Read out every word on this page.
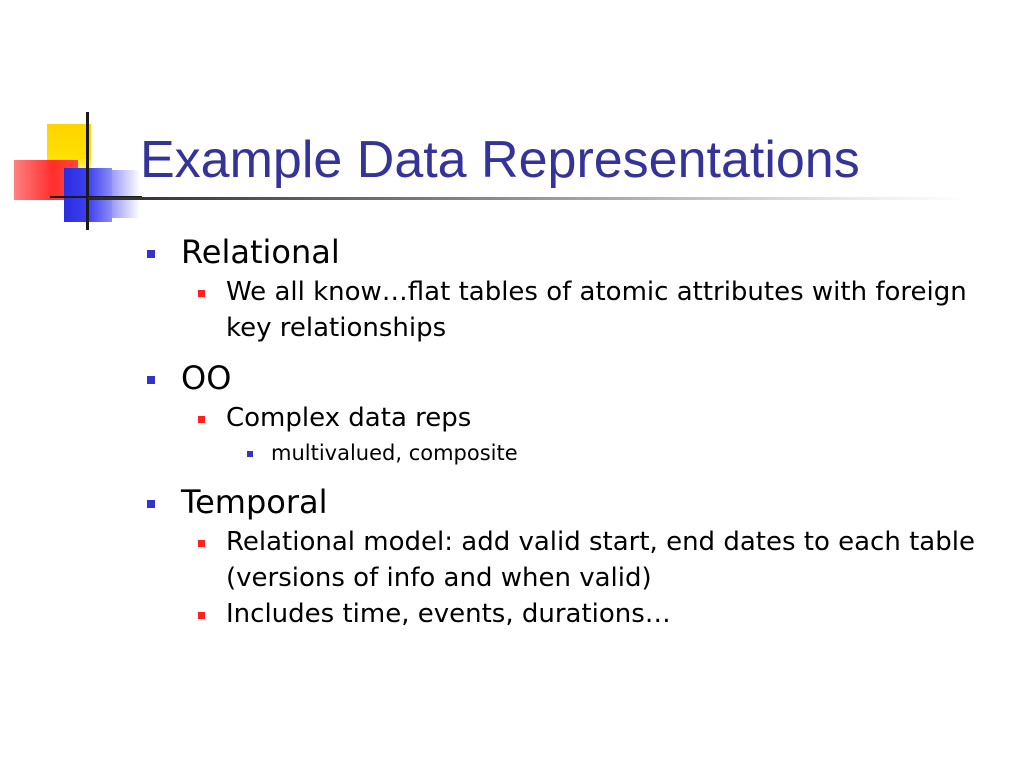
Example Data Representations
Relational
We all know…flat tables of atomic attributes with foreign key relationships
OO
Complex data reps
multivalued, composite
Temporal
Relational model: add valid start, end dates to each table (versions of info and when valid)
Includes time, events, durations…
